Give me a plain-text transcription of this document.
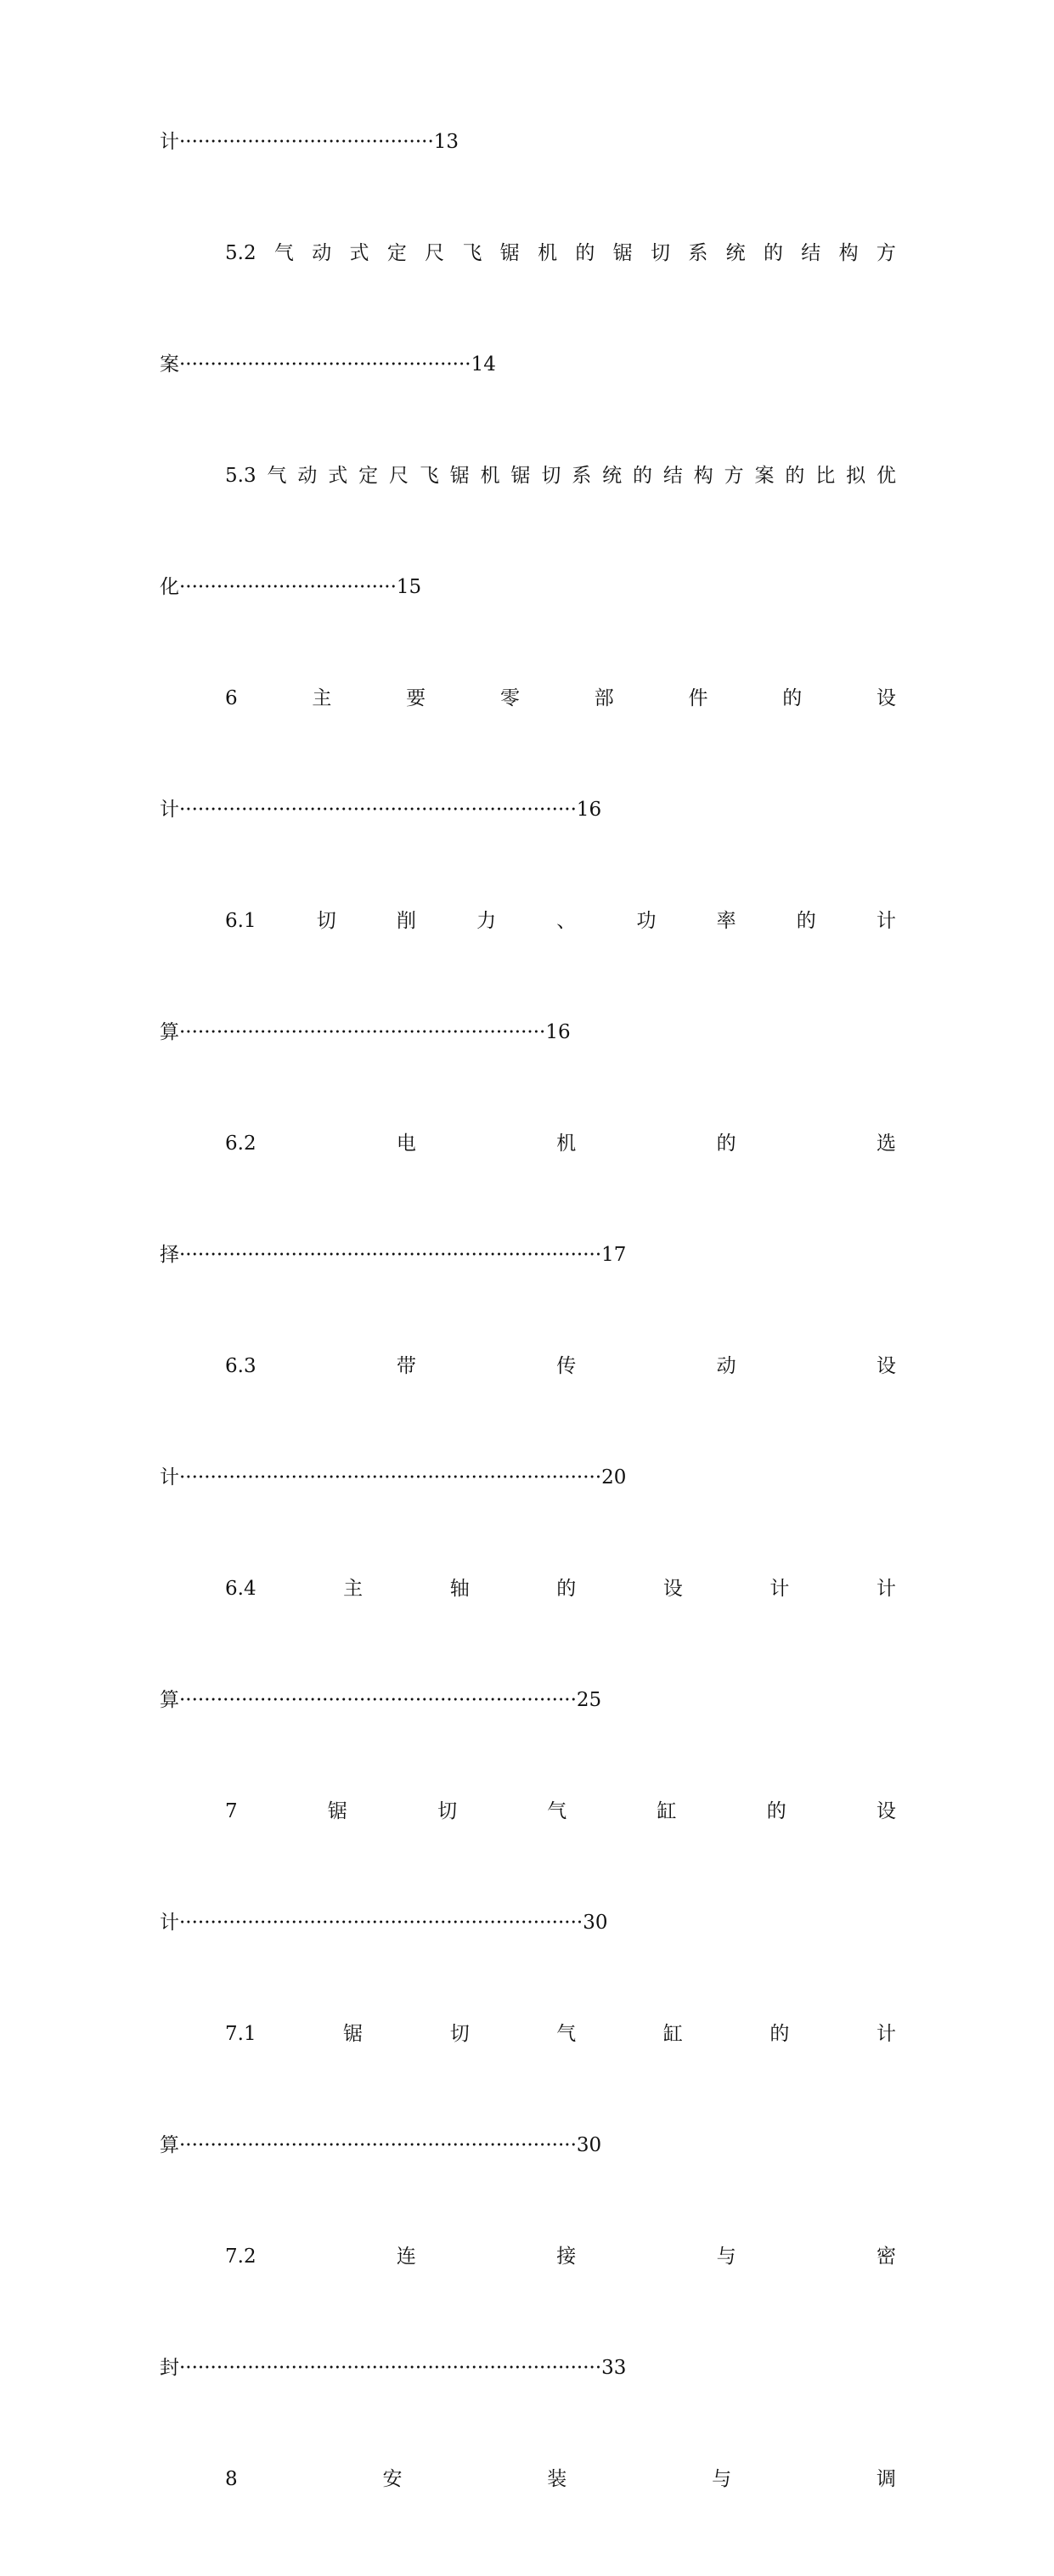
计·········································13
5.2 气 动 式 定 尺 飞 锯 机 的 锯 切 系 统 的 结 构 方
案···············································14
5.3 气 动 式 定 尺 飞 锯 机 锯 切 系 统 的 结 构 方 案 的 比 拟 优
化···································15
6	主	要	零	部	件	的	设
计································································16
6.1	切	削	力	、	功	率	的	计
算···························································16
6.2	电	机	的	选
择····································································17
6.3	带	传	动	设
计····································································20
6.4	主	轴	的	设	计	计
算································································25
7	锯	切	气	缸	的	设
计·································································30
7.1	锯	切	气	缸	的	计
算································································30
7.2	连	接	与	密
封····································································33
8	安	装	与	调
